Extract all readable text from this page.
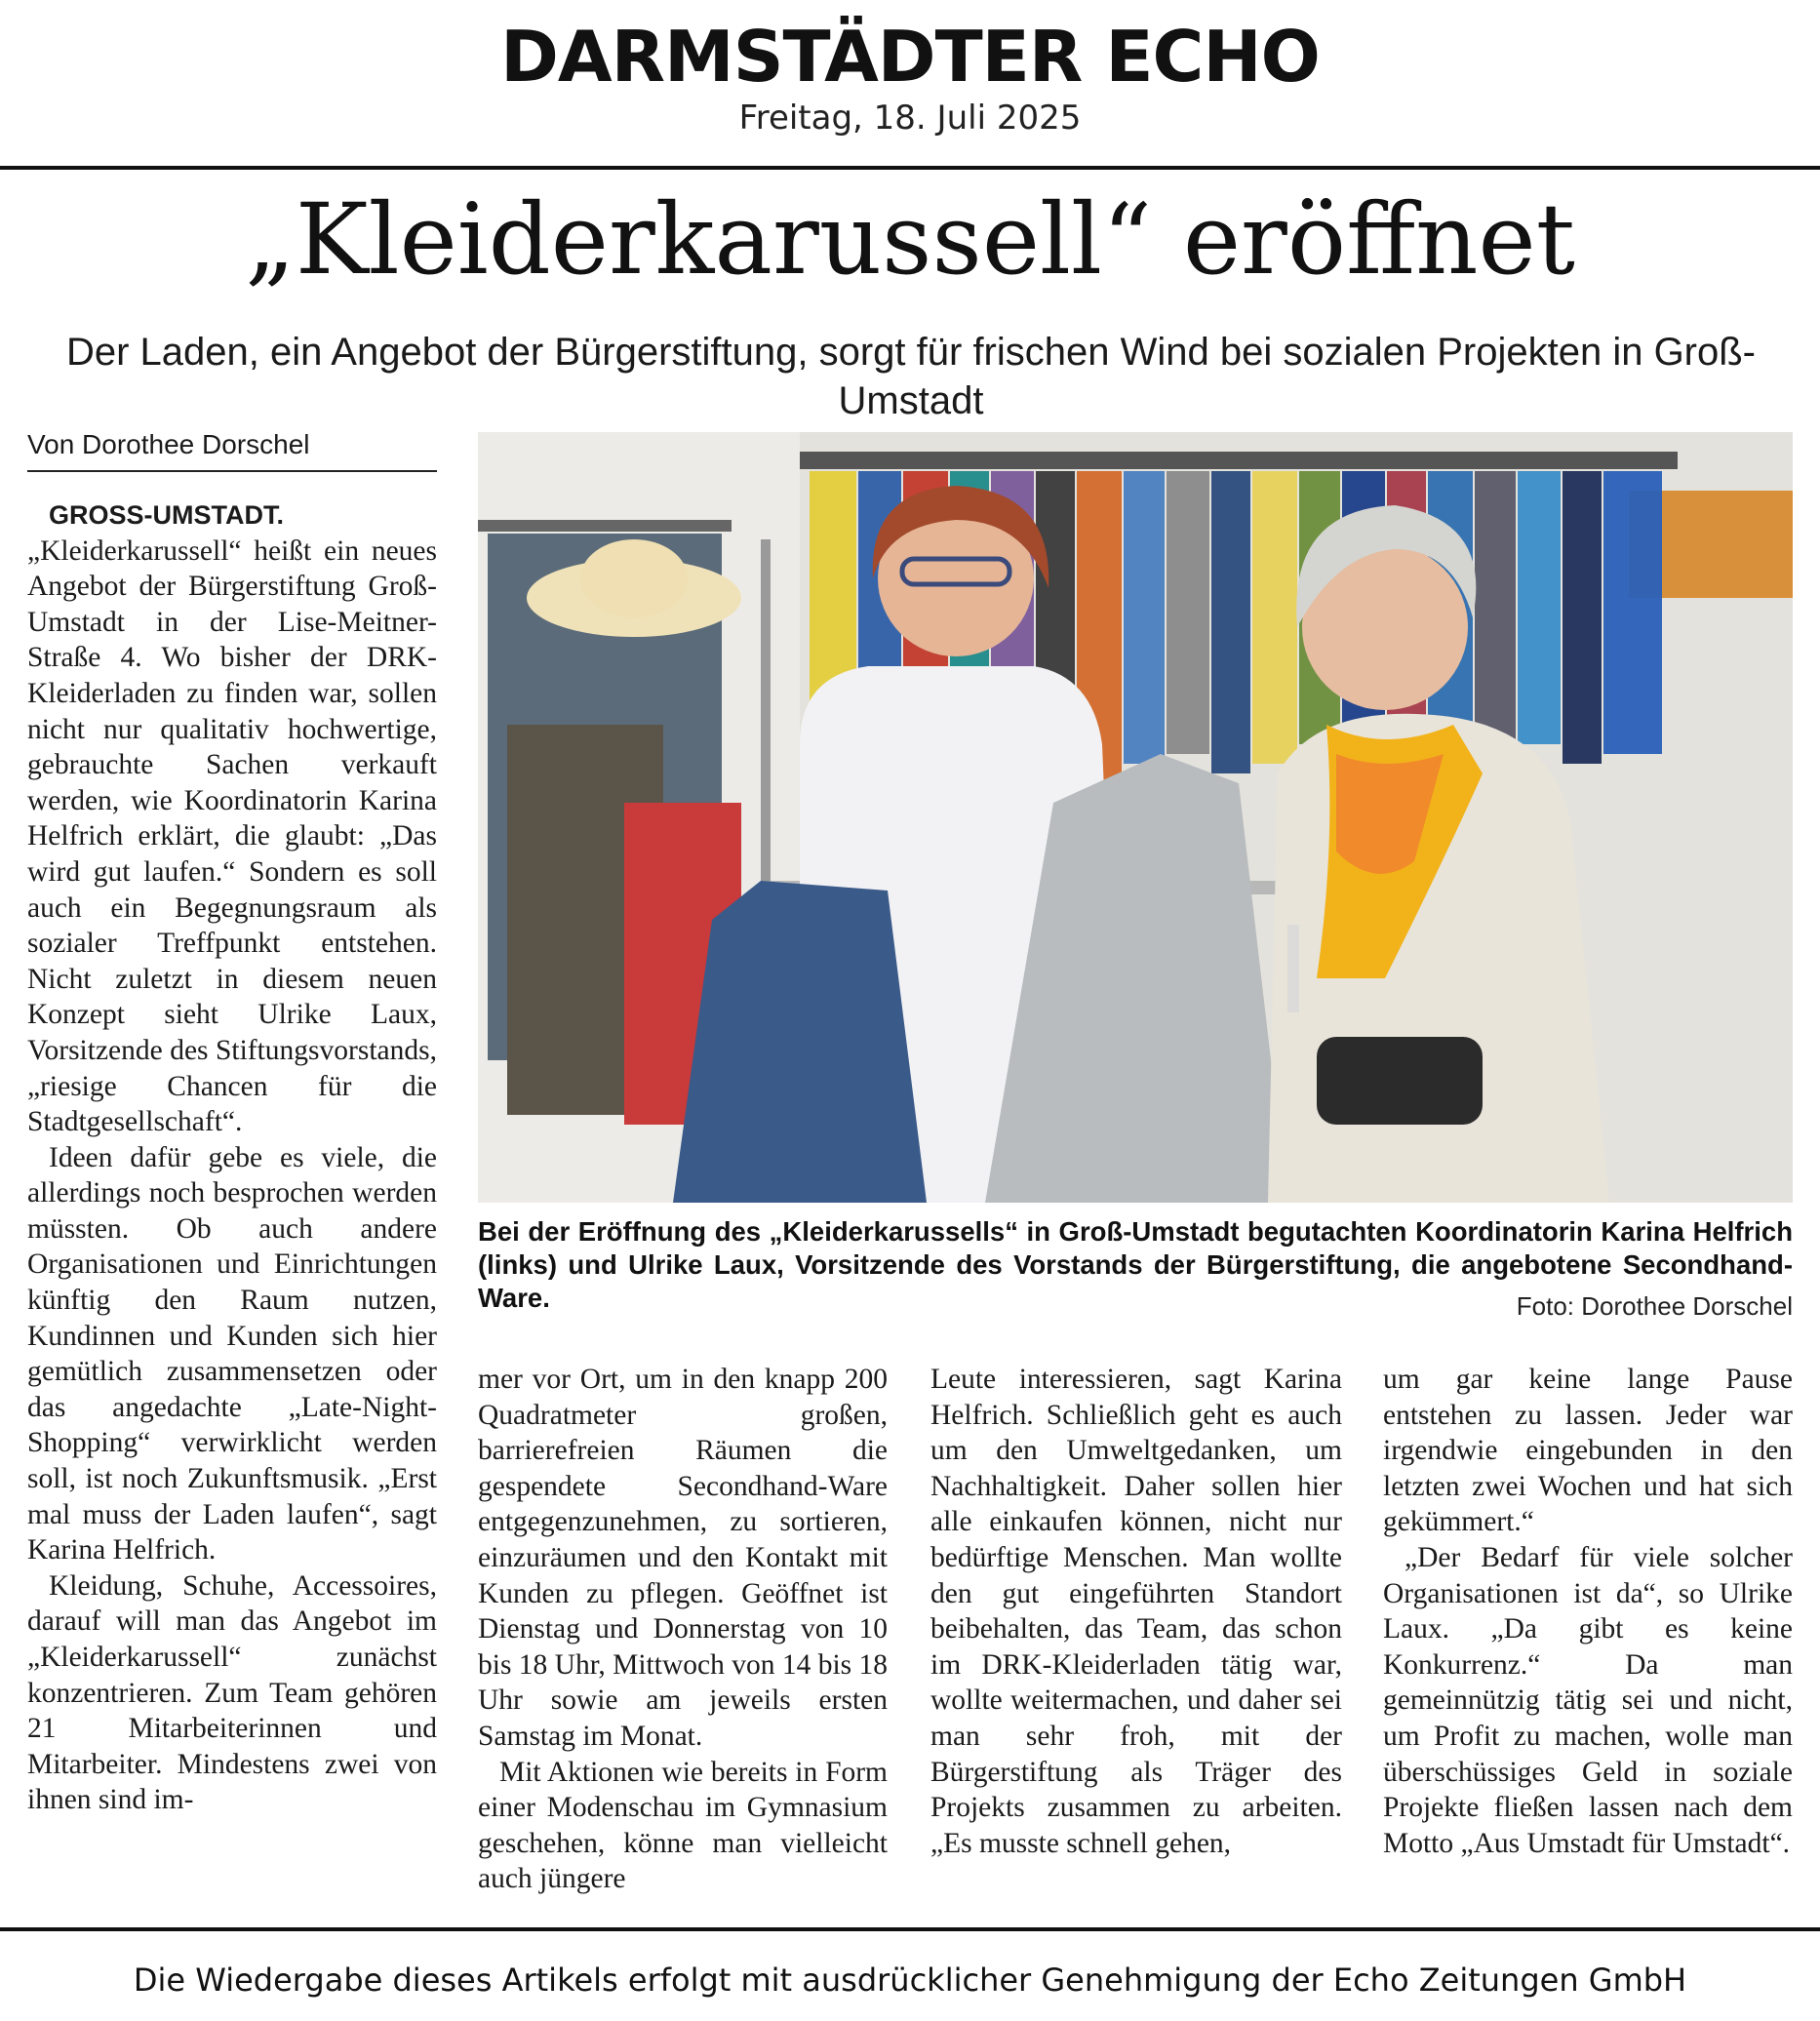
DARMSTÄDTER ECHO
Freitag, 18. Juli 2025
„Kleiderkarussell“ eröffnet
Der Laden, ein Angebot der Bürgerstiftung, sorgt für frischen Wind bei sozialen Projekten in Groß-Umstadt
Von Dorothee Dorschel

GROSS-UMSTADT. „Kleiderkarussell“ heißt ein neues Angebot der Bürgerstiftung Groß-Umstadt in der Lise-Meitner-Straße 4. Wo bisher der DRK-Kleiderladen zu finden war, sollen nicht nur qualitativ hochwertige, gebrauchte Sachen verkauft werden, wie Koordinatorin Karina Helfrich erklärt, die glaubt: „Das wird gut laufen.“ Sondern es soll auch ein Begegnungsraum als sozialer Treffpunkt entstehen. Nicht zuletzt in diesem neuen Konzept sieht Ulrike Laux, Vorsitzende des Stiftungsvorstands, „riesige Chancen für die Stadtgesellschaft“.

Ideen dafür gebe es viele, die allerdings noch besprochen werden müssten. Ob auch andere Organisationen und Einrichtungen künftig den Raum nutzen, Kundinnen und Kunden sich hier gemütlich zusammensetzen oder das angedachte „Late-Night-Shopping“ verwirklicht werden soll, ist noch Zukunftsmusik. „Erst mal muss der Laden laufen“, sagt Karina Helfrich.

Kleidung, Schuhe, Accessoires, darauf will man das Angebot im „Kleiderkarussell“ zunächst konzentrieren. Zum Team gehören 21 Mitarbeiterinnen und Mitarbeiter. Mindestens zwei von ihnen sind im-

Bei der Eröffnung des „Kleiderkarussells“ in Groß-Umstadt begutachten Koordinatorin Karina Helfrich (links) und Ulrike Laux, Vorsitzende des Vorstands der Bürgerstiftung, die angebotene Secondhand-Ware.	Foto: Dorothee Dorschel

mer vor Ort, um in den knapp 200 Quadratmeter großen, barrierefreien Räumen die gespendete Secondhand-Ware entgegenzunehmen, zu sortieren, einzuräumen und den Kontakt mit Kunden zu pflegen. Geöffnet ist Dienstag und Donnerstag von 10 bis 18 Uhr, Mittwoch von 14 bis 18 Uhr sowie am jeweils ersten Samstag im Monat.

Mit Aktionen wie bereits in Form einer Modenschau im Gymnasium geschehen, könne man vielleicht auch jüngere

Leute interessieren, sagt Karina Helfrich. Schließlich geht es auch um den Umweltgedanken, um Nachhaltigkeit. Daher sollen hier alle einkaufen können, nicht nur bedürftige Menschen. Man wollte den gut eingeführten Standort beibehalten, das Team, das schon im DRK-Kleiderladen tätig war, wollte weitermachen, und daher sei man sehr froh, mit der Bürgerstiftung als Träger des Projekts zusammen zu arbeiten. „Es musste schnell gehen,

um gar keine lange Pause entstehen zu lassen. Jeder war irgendwie eingebunden in den letzten zwei Wochen und hat sich gekümmert.“

„Der Bedarf für viele solcher Organisationen ist da“, so Ulrike Laux. „Da gibt es keine Konkurrenz.“ Da man gemeinnützig tätig sei und nicht, um Profit zu machen, wolle man überschüssiges Geld in soziale Projekte fließen lassen nach dem Motto „Aus Umstadt für Umstadt“.

Die Wiedergabe dieses Artikels erfolgt mit ausdrücklicher Genehmigung der Echo Zeitungen GmbH
